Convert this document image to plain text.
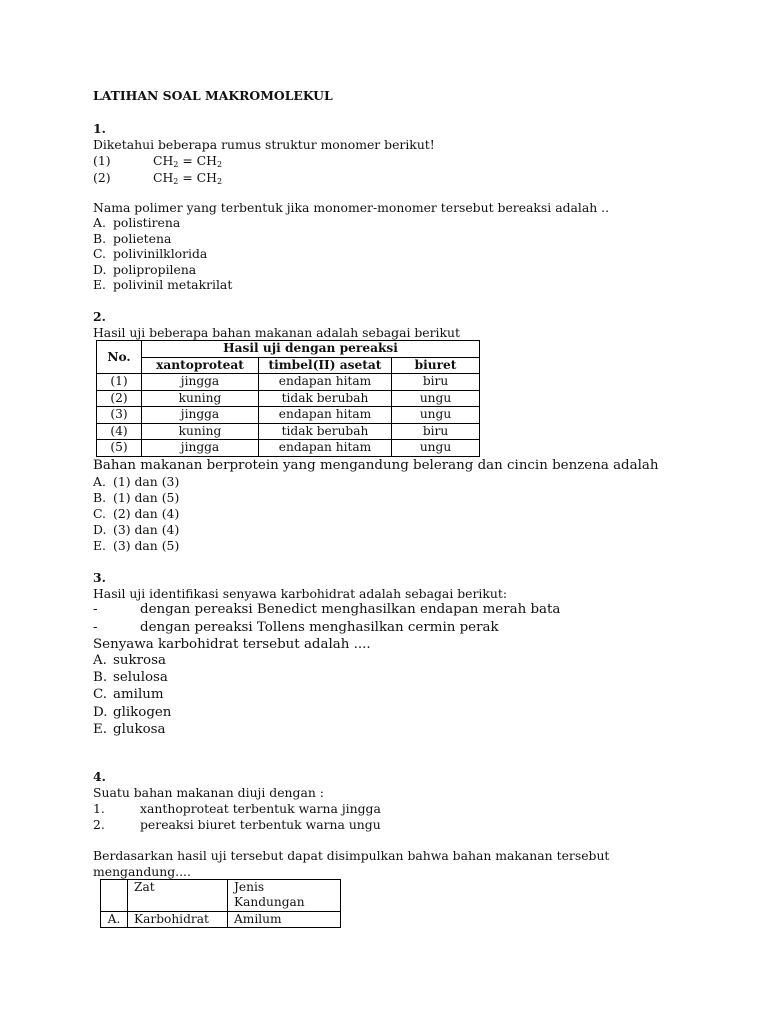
LATIHAN SOAL MAKROMOLEKUL
1.
Diketahui beberapa rumus struktur monomer berikut!
(1)	$CH_2 = CH_2$
(2)	$CH_2 = CH_2$
Nama polimer yang terbentuk jika monomer-monomer tersebut bereaksi adalah ..
A. polistirena
B. polietena
C. polivinilklorida
D. polipropilena
E. polivinil metakrilat
2.
Hasil uji beberapa bahan makanan adalah sebagai berikut
No.	Hasil uji dengan pereaksi		
	xantoproteat	timbel(II) asetat	biuret
(1)	jingga	endapan hitam	biru
(2)	kuning	tidak berubah	ungu
(3)	jingga	endapan hitam	ungu
(4)	kuning	tidak berubah	biru
(5)	jingga	endapan hitam	ungu
Bahan makanan berprotein yang mengandung belerang dan cincin benzena adalah
A. (1) dan (3)
B. (1) dan (5)
C. (2) dan (4)
D. (3) dan (4)
E. (3) dan (5)
3.
Hasil uji identifikasi senyawa karbohidrat adalah sebagai berikut:
-	dengan pereaksi Benedict menghasilkan endapan merah bata
-	dengan pereaksi Tollens menghasilkan cermin perak
Senyawa karbohidrat tersebut adalah ....
A. sukrosa
B. selulosa
C. amilum
D. glikogen
E. glukosa
4.
Suatu bahan makanan diuji dengan :
1.	xanthoproteat terbentuk warna jingga
2.	pereaksi biuret terbentuk warna ungu
Berdasarkan hasil uji tersebut dapat disimpulkan bahwa bahan makanan tersebut
mengandung....
	Zat	Jenis
Kandungan

A.	Karbohidrat	Amilum
